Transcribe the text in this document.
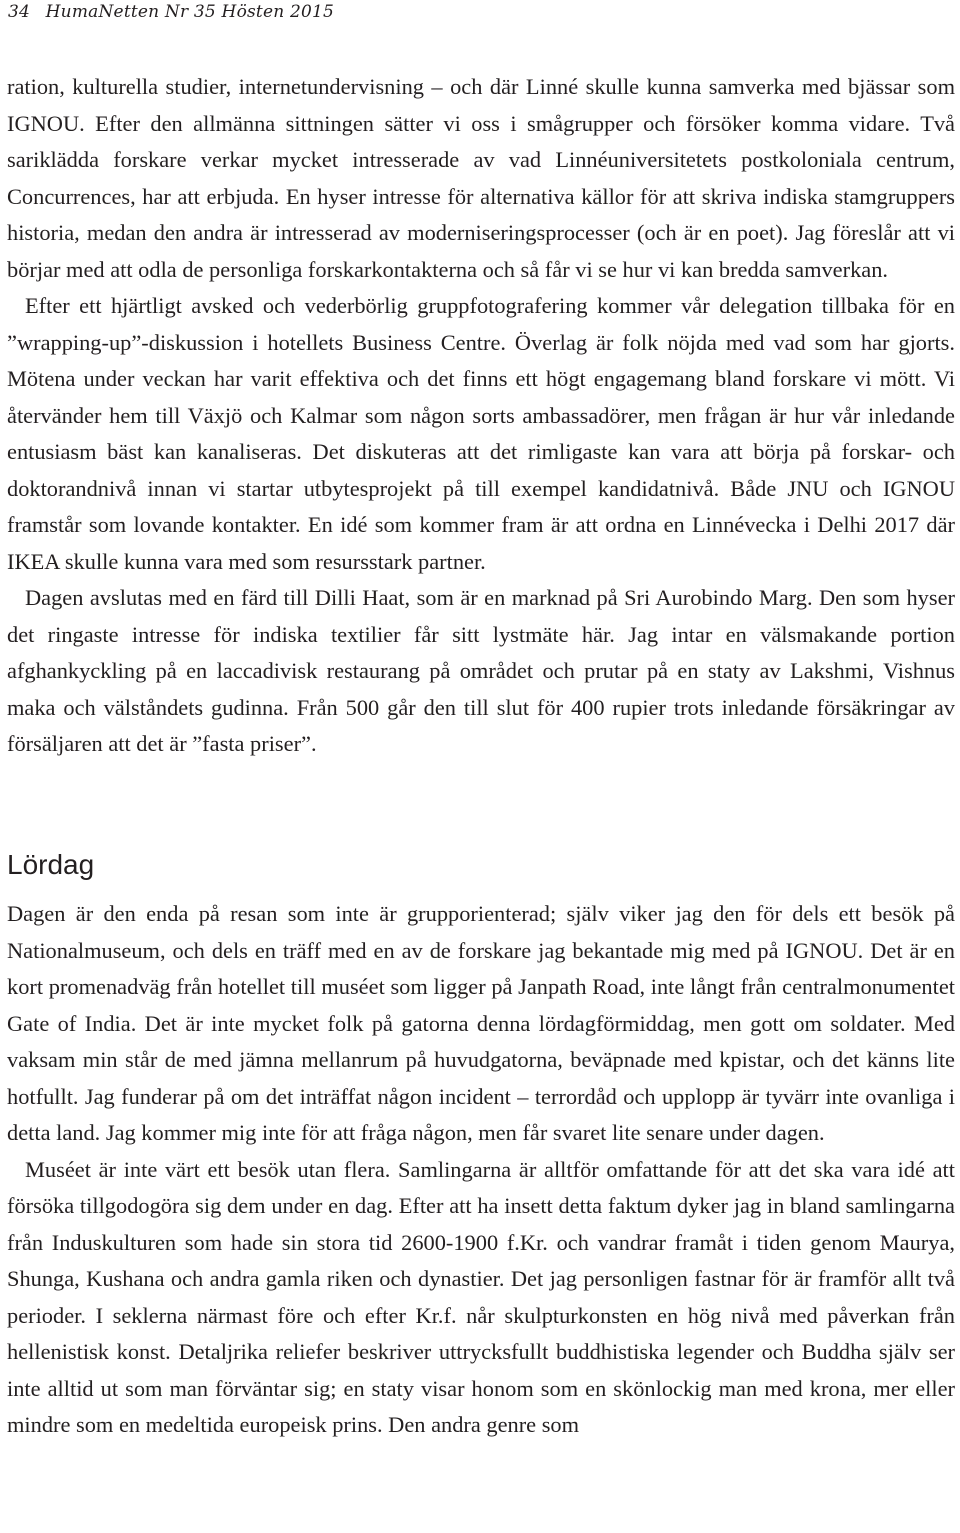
34 HumaNetten Nr 35 Hösten 2015

ration, kulturella studier, internetundervisning – och där Linné skulle kunna samverka med bjässar som IGNOU. Efter den allmänna sittningen sätter vi oss i smågrupper och försöker komma vidare. Två sariklädda forskare verkar mycket intresserade av vad Linnéuniversitetets postkoloniala centrum, Concurrences, har att erbjuda. En hyser intresse för alternativa källor för att skriva indiska stamgruppers historia, medan den andra är intresserad av moderniseringsprocesser (och är en poet). Jag föreslår att vi börjar med att odla de personliga forskarkontakterna och så får vi se hur vi kan bredda samverkan.

Efter ett hjärtligt avsked och vederbörlig gruppfotografering kommer vår delegation tillbaka för en ”wrapping-up”-diskussion i hotellets Business Centre. Överlag är folk nöjda med vad som har gjorts. Mötena under veckan har varit effektiva och det finns ett högt engagemang bland forskare vi mött. Vi återvänder hem till Växjö och Kalmar som någon sorts ambassadörer, men frågan är hur vår inledande entusiasm bäst kan kanaliseras. Det diskuteras att det rimligaste kan vara att börja på forskar- och doktorandnivå innan vi startar utbytesprojekt på till exempel kandidatnivå. Både JNU och IGNOU framstår som lovande kontakter. En idé som kommer fram är att ordna en Linnévecka i Delhi 2017 där IKEA skulle kunna vara med som resursstark partner.

Dagen avslutas med en färd till Dilli Haat, som är en marknad på Sri Aurobindo Marg. Den som hyser det ringaste intresse för indiska textilier får sitt lystmäte här. Jag intar en välsmakande portion afghankyckling på en laccadivisk restaurang på området och prutar på en staty av Lakshmi, Vishnus maka och välståndets gudinna. Från 500 går den till slut för 400 rupier trots inledande försäkringar av försäljaren att det är ”fasta priser”.

Lördag

Dagen är den enda på resan som inte är grupporienterad; själv viker jag den för dels ett besök på Nationalmuseum, och dels en träff med en av de forskare jag bekantade mig med på IGNOU. Det är en kort promenadväg från hotellet till muséet som ligger på Janpath Road, inte långt från centralmonumentet Gate of India. Det är inte mycket folk på gatorna denna lördagförmiddag, men gott om soldater. Med vaksam min står de med jämna mellanrum på huvudgatorna, beväpnade med kpistar, och det känns lite hotfullt. Jag funderar på om det inträffat någon incident – terrordåd och upplopp är tyvärr inte ovanliga i detta land. Jag kommer mig inte för att fråga någon, men får svaret lite senare under dagen.

Muséet är inte värt ett besök utan flera. Samlingarna är alltför omfattande för att det ska vara idé att försöka tillgodogöra sig dem under en dag. Efter att ha insett detta faktum dyker jag in bland samlingarna från Induskulturen som hade sin stora tid 2600-1900 f.Kr. och vandrar framåt i tiden genom Maurya, Shunga, Kushana och andra gamla riken och dynastier. Det jag personligen fastnar för är framför allt två perioder. I seklerna närmast före och efter Kr.f. når skulpturkonsten en hög nivå med påverkan från hellenistisk konst. Detaljrika reliefer beskriver uttrycksfullt buddhistiska legender och Buddha själv ser inte alltid ut som man förväntar sig; en staty visar honom som en skönlockig man med krona, mer eller mindre som en medeltida europeisk prins. Den andra genre som
